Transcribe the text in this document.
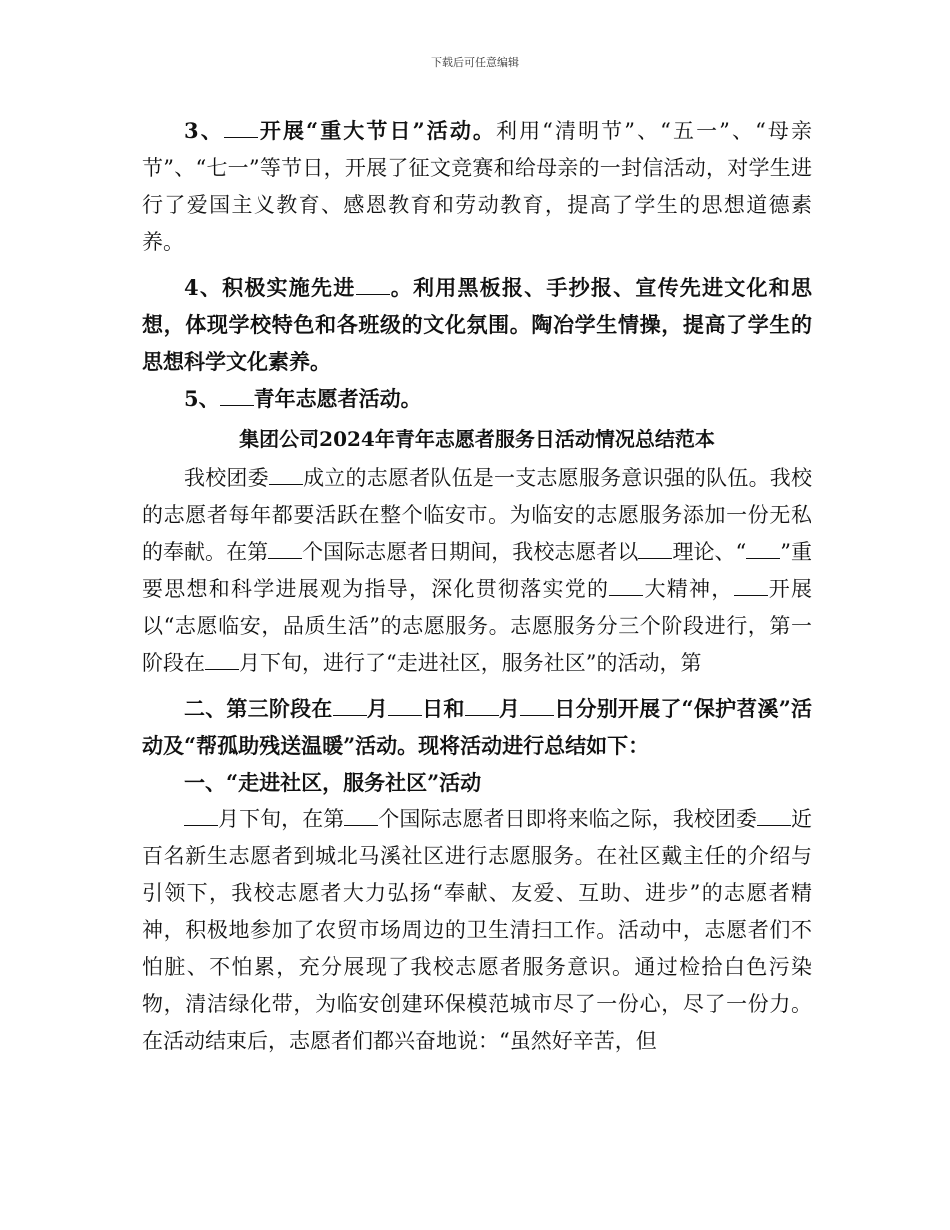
下载后可任意编辑

3、 开展“重大节日”活动。利用“清明节”、“五一”、“母亲节”、“七一”等节日，开展了征文竞赛和给母亲的一封信活动，对学生进行了爱国主义教育、感恩教育和劳动教育，提高了学生的思想道德素养。

4、积极实施先进 。利用黑板报、手抄报、宣传先进文化和思想，体现学校特色和各班级的文化氛围。陶冶学生情操，提高了学生的思想科学文化素养。

5、 青年志愿者活动。

集团公司2024年青年志愿者服务日活动情况总结范本

我校团委 成立的志愿者队伍是一支志愿服务意识强的队伍。我校的志愿者每年都要活跃在整个临安市。为临安的志愿服务添加一份无私的奉献。在第 个国际志愿者日期间，我校志愿者以 理论、“ ”重要思想和科学进展观为指导，深化贯彻落实党的 大精神， 开展以“志愿临安，品质生活”的志愿服务。志愿服务分三个阶段进行，第一阶段在 月下旬，进行了“走进社区，服务社区”的活动，第

二、第三阶段在 月 日和 月 日分别开展了“保护苕溪”活动及“帮孤助残送温暖”活动。现将活动进行总结如下：

一、“走进社区，服务社区”活动

月下旬，在第 个国际志愿者日即将来临之际，我校团委 近百名新生志愿者到城北马溪社区进行志愿服务。在社区戴主任的介绍与引领下，我校志愿者大力弘扬“奉献、友爱、互助、进步”的志愿者精神，积极地参加了农贸市场周边的卫生清扫工作。活动中，志愿者们不怕脏、不怕累，充分展现了我校志愿者服务意识。通过检拾白色污染物，清洁绿化带，为临安创建环保模范城市尽了一份心，尽了一份力。在活动结束后，志愿者们都兴奋地说：“虽然好辛苦，但
